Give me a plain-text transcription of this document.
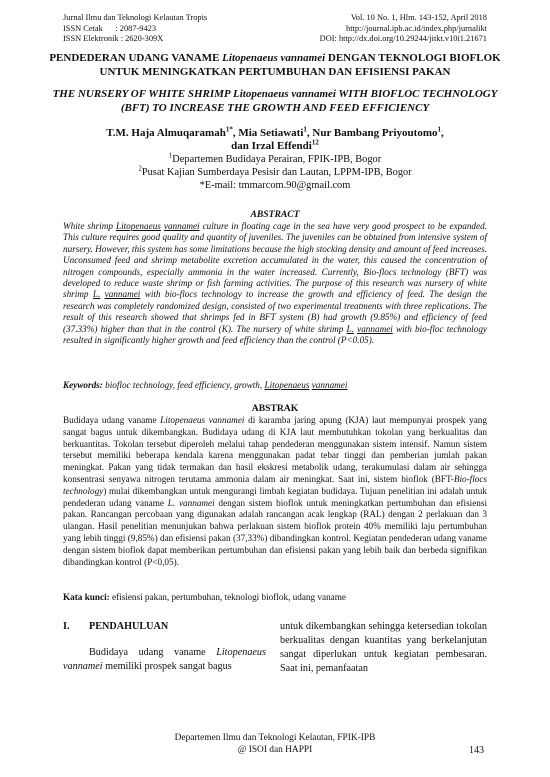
Jurnal Ilmu dan Teknologi Kelautan Tropis	Vol. 10 No. 1, Hlm. 143-152, April 2018
ISSN Cetak      : 2087-9423	http://journal.ipb.ac.id/index.php/jurnalikt
ISSN Elektronik : 2620-309X	DOI: http://dx.doi.org/10.29244/jitkt.v10i1.21671
PENDEDERAN UDANG VANAME Litopenaeus vannamei DENGAN TEKNOLOGI BIOFLOK UNTUK MENINGKATKAN PERTUMBUHAN DAN EFISIENSI PAKAN
THE NURSERY OF WHITE SHRIMP Litopenaeus vannamei WITH BIOFLOC TECHNOLOGY (BFT) TO INCREASE THE GROWTH AND FEED EFFICIENCY
T.M. Haja Almuqaramah$^{1*}$, Mia Setiawati$^1$, Nur Bambang Priyoutomo$^1$,
dan Irzal Effendi$^{12}$
$^1$Departemen Budidaya Perairan, FPIK-IPB, Bogor
$^2$Pusat Kajian Sumberdaya Pesisir dan Lautan, LPPM-IPB, Bogor
*E-mail: tmmarcom.90@gmail.com
ABSTRACT
White shrimp Litopenaeus vannamei culture in floating cage in the sea have very good prospect to be expanded. This culture requires good quality and quantity of juveniles. The juveniles can be obtained from intensive system of nursery. However, this system has some limitations because the high stocking density and amount of feed increases. Unconsumed feed and shrimp metabolite excretion accumulated in the water, this caused the concentration of nitrogen compounds, especially ammonia in the water increased. Currently, Bio-flocs technology (BFT) was developed to reduce waste shrimp or fish farming activities. The purpose of this research was nursery of white shrimp L. vannamei with bio-flocs technology to increase the growth and efficiency of feed. The design the research was completely randomized design, consisted of two experimental treatments with three replications. The result of this research showed that shrimps fed in BFT system (B) had growth (9.85%) and efficiency of feed (37.33%) higher than that in the control (K). The nursery of white shrimp L. vannamei with bio-floc technology resulted in significantly higher growth and feed efficiency than the control (P<0.05).
Keywords: biofloc technology, feed efficiency, growth, Litopenaeus vannamei
ABSTRAK
Budidaya udang vaname Litopenaeus vannamei di karamba jaring apung (KJA) laut mempunyai prospek yang sangat bagus untuk dikembangkan. Budidaya udang di KJA laut membutuhkan tokolan yang berkualitas dan berkuantitas. Tokolan tersebut diperoleh melalui tahap pendederan menggunakan sistem intensif. Namun sistem tersebut memiliki beberapa kendala karena menggunakan padat tebar tinggi dan pemberian jumlah pakan meningkat. Pakan yang tidak termakan dan hasil ekskresi metabolik udang, terakumulasi dalam air sehingga konsentrasi senyawa nitrogen terutama ammonia dalam air meningkat. Saat ini, sistem bioflok (BFT-Bio-flocs technology) mulai dikembangkan untuk mengurangi limbah kegiatan budidaya. Tujuan penelitian ini adalah untuk pendederan udang vaname L. vannamei dengan sistem bioflok untuk meningkatkan pertumbuhan dan efisiensi pakan. Rancangan percobaan yang digunakan adalah rancangan acak lengkap (RAL) dengan 2 perlakuan dan 3 ulangan. Hasil penelitian menunjukan bahwa perlakuan sistem bioflok protein 40% memiliki laju pertumbuhan yang lebih tinggi (9,85%) dan efisiensi pakan (37,33%) dibandingkan kontrol. Kegiatan pendederan udang vaname dengan sistem bioflok dapat memberikan pertumbuhan dan efisiensi pakan yang lebih baik dan berbeda signifikan dibandingkan kontrol (P<0,05).
Kata kunci: efisiensi pakan, pertumbuhan, teknologi bioflok, udang vaname
I.	PENDAHULUAN

Budidaya udang vaname Litopenaeus vannamei memiliki prospek sangat bagus

untuk dikembangkan sehingga ketersedian tokolan berkualitas dengan kuantitas yang berkelanjutan sangat diperlukan untuk kegiatan pembesaran. Saat ini, pemanfaatan
Departemen Ilmu dan Teknologi Kelautan, FPIK-IPB
@ ISOI dan HAPPI	143
